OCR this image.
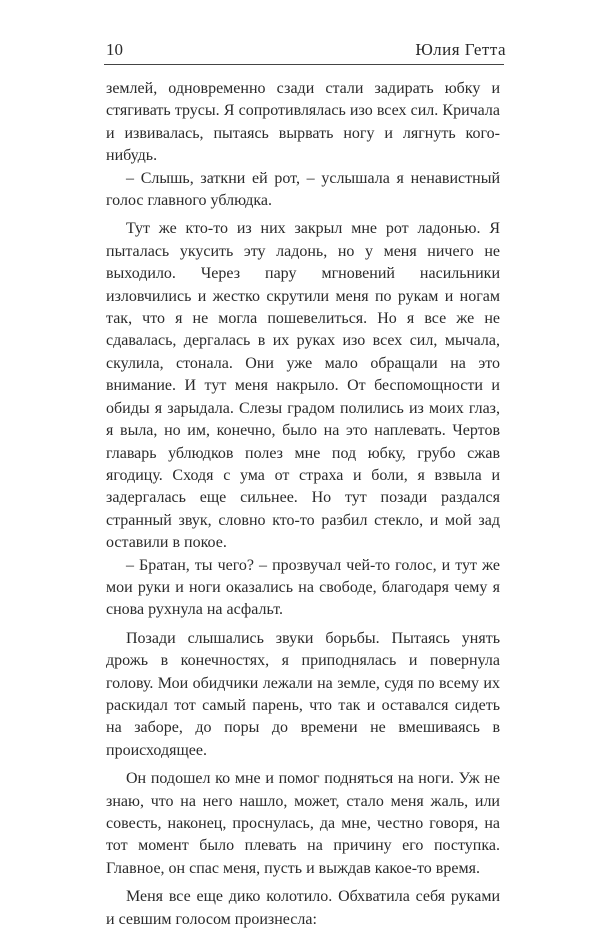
10	Юлия Гетта

землей, одновременно сзади стали задирать юбку и стягивать трусы. Я сопротивлялась изо всех сил. Кричала и извивалась, пытаясь вырвать ногу и лягнуть кого-нибудь.

– Слышь, заткни ей рот, – услышала я ненавистный голос главного ублюдка.

Тут же кто-то из них закрыл мне рот ладонью. Я пыталась укусить эту ладонь, но у меня ничего не выходило. Через пару мгновений насильники изловчились и жестко скрутили меня по рукам и ногам так, что я не могла пошевелиться. Но я все же не сдавалась, дергалась в их руках изо всех сил, мычала, скулила, стонала. Они уже мало обращали на это внимание. И тут меня накрыло. От беспомощности и обиды я зарыдала. Слезы градом полились из моих глаз, я выла, но им, конечно, было на это наплевать. Чертов главарь ублюдков полез мне под юбку, грубо сжав ягодицу. Сходя с ума от страха и боли, я взвыла и задергалась еще сильнее. Но тут позади раздался странный звук, словно кто-то разбил стекло, и мой зад оставили в покое.

– Братан, ты чего? – прозвучал чей-то голос, и тут же мои руки и ноги оказались на свободе, благодаря чему я снова рухнула на асфальт.

Позади слышались звуки борьбы. Пытаясь унять дрожь в конечностях, я приподнялась и повернула голову. Мои обидчики лежали на земле, судя по всему их раскидал тот самый парень, что так и оставался сидеть на заборе, до поры до времени не вмешиваясь в происходящее.

Он подошел ко мне и помог подняться на ноги. Уж не знаю, что на него нашло, может, стало меня жаль, или совесть, наконец, проснулась, да мне, честно говоря, на тот момент было плевать на причину его поступка. Главное, он спас меня, пусть и выждав какое-то время.

Меня все еще дико колотило. Обхватила себя руками и севшим голосом произнесла:
